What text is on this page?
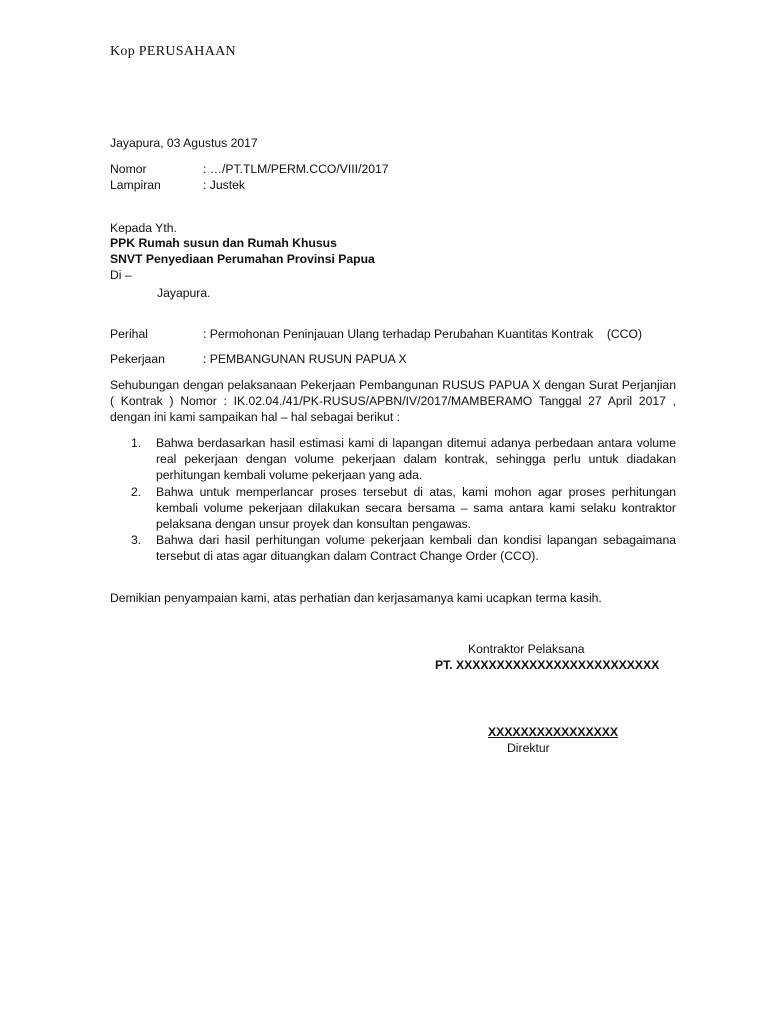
Kop PERUSAHAAN
Jayapura, 03 Agustus 2017
Nomor	: …/PT.TLM/PERM.CCO/VIII/2017
Lampiran	: Justek
Kepada Yth.
PPK Rumah susun dan Rumah Khusus
SNVT Penyediaan Perumahan Provinsi Papua
Di –
Jayapura.
Perihal	: Permohonan Peninjauan Ulang terhadap Perubahan Kuantitas Kontrak    (CCO)
Pekerjaan	: PEMBANGUNAN RUSUN PAPUA X
Sehubungan dengan pelaksanaan Pekerjaan Pembangunan RUSUS PAPUA X dengan Surat Perjanjian ( Kontrak ) Nomor : IK.02.04./41/PK-RUSUS/APBN/IV/2017/MAMBERAMO Tanggal 27 April 2017 , dengan ini kami sampaikan hal – hal sebagai berikut :
1. Bahwa berdasarkan hasil estimasi kami di lapangan ditemui adanya perbedaan antara volume real pekerjaan dengan volume pekerjaan dalam kontrak, sehingga perlu untuk diadakan perhitungan kembali volume pekerjaan yang ada.
2. Bahwa untuk memperlancar proses tersebut di atas, kami mohon agar proses perhitungan kembali volume pekerjaan dilakukan secara bersama – sama antara kami selaku kontraktor pelaksana dengan unsur proyek dan konsultan pengawas.
3. Bahwa dari hasil perhitungan volume pekerjaan kembali dan kondisi lapangan sebagaimana tersebut di atas agar dituangkan dalam Contract Change Order (CCO).
Demikian penyampaian kami, atas perhatian dan kerjasamanya kami ucapkan terma kasih.
Kontraktor Pelaksana
PT. XXXXXXXXXXXXXXXXXXXXXXXXX
XXXXXXXXXXXXXXXX
Direktur
